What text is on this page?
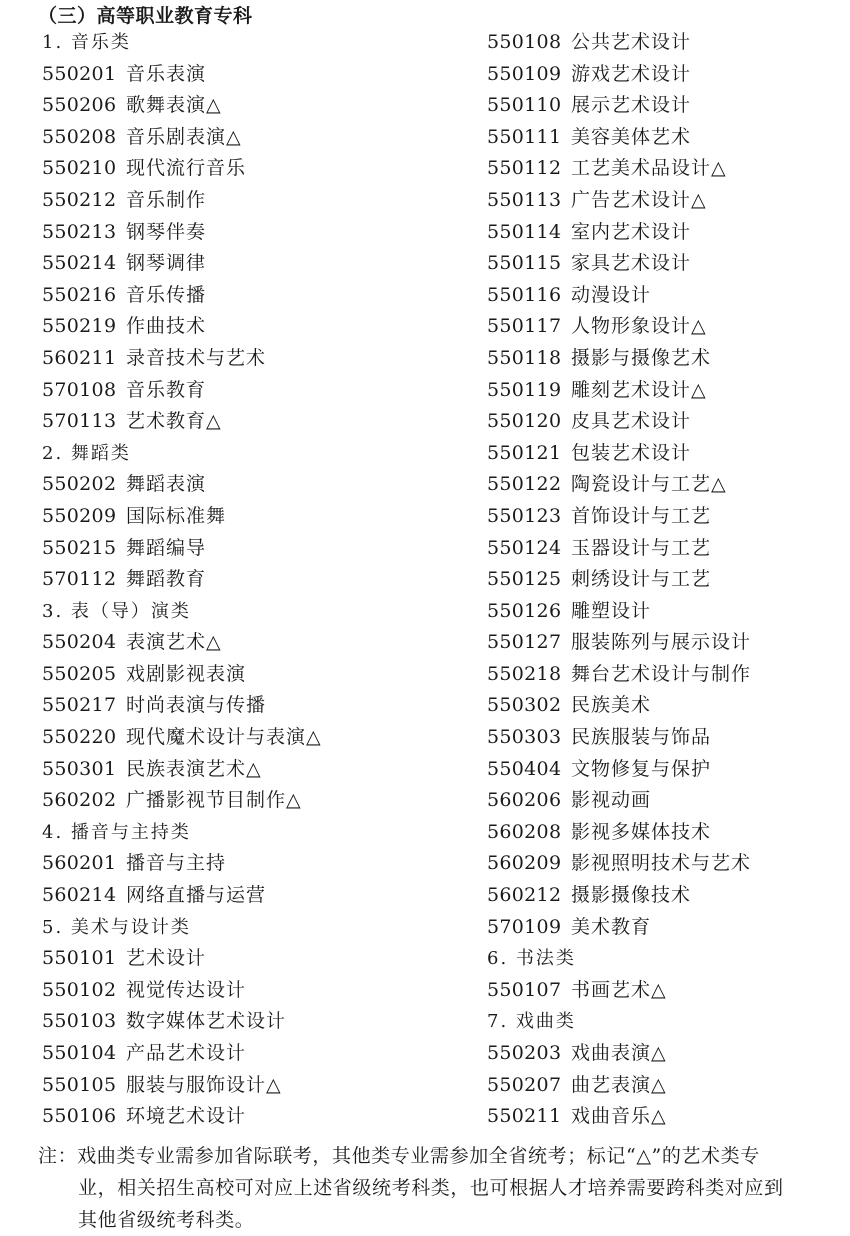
（三）高等职业教育专科
1. 音乐类
550201 音乐表演
550206 歌舞表演△
550208 音乐剧表演△
550210 现代流行音乐
550212 音乐制作
550213 钢琴伴奏
550214 钢琴调律
550216 音乐传播
550219 作曲技术
560211 录音技术与艺术
570108 音乐教育
570113 艺术教育△
2. 舞蹈类
550202 舞蹈表演
550209 国际标准舞
550215 舞蹈编导
570112 舞蹈教育
3. 表（导）演类
550204 表演艺术△
550205 戏剧影视表演
550217 时尚表演与传播
550220 现代魔术设计与表演△
550301 民族表演艺术△
560202 广播影视节目制作△
4. 播音与主持类
560201 播音与主持
560214 网络直播与运营
5. 美术与设计类
550101 艺术设计
550102 视觉传达设计
550103 数字媒体艺术设计
550104 产品艺术设计
550105 服装与服饰设计△
550106 环境艺术设计
550108 公共艺术设计
550109 游戏艺术设计
550110 展示艺术设计
550111 美容美体艺术
550112 工艺美术品设计△
550113 广告艺术设计△
550114 室内艺术设计
550115 家具艺术设计
550116 动漫设计
550117 人物形象设计△
550118 摄影与摄像艺术
550119 雕刻艺术设计△
550120 皮具艺术设计
550121 包装艺术设计
550122 陶瓷设计与工艺△
550123 首饰设计与工艺
550124 玉器设计与工艺
550125 刺绣设计与工艺
550126 雕塑设计
550127 服装陈列与展示设计
550218 舞台艺术设计与制作
550302 民族美术
550303 民族服装与饰品
550404 文物修复与保护
560206 影视动画
560208 影视多媒体技术
560209 影视照明技术与艺术
560212 摄影摄像技术
570109 美术教育
6. 书法类
550107 书画艺术△
7. 戏曲类
550203 戏曲表演△
550207 曲艺表演△
550211 戏曲音乐△
注：戏曲类专业需参加省际联考，其他类专业需参加全省统考；标记“△”的艺术类专
业，相关招生高校可对应上述省级统考科类，也可根据人才培养需要跨科类对应到
其他省级统考科类。
